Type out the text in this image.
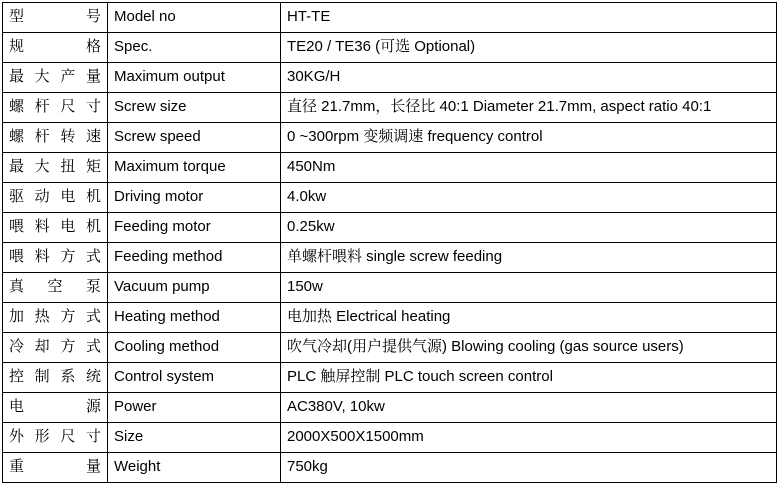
型 号	Model no	HT-TE
规 格	Spec.	TE20 / TE36 (可选 Optional)
最大产量	Maximum output	30KG/H
螺杆尺寸	Screw size	直径 21.7mm，长径比 40:1 Diameter 21.7mm, aspect ratio 40:1
螺杆转速	Screw speed	0 ~300rpm 变频调速 frequency control
最大扭矩	Maximum torque	450Nm
驱动电机	Driving motor	4.0kw
喂料电机	Feeding motor	0.25kw
喂料方式	Feeding method	单螺杆喂料 single screw feeding
真 空 泵	Vacuum pump	150w
加热方式	Heating method	电加热 Electrical heating
冷却方式	Cooling method	吹气冷却(用户提供气源) Blowing cooling (gas source users)
控制系统	Control system	PLC 触屏控制 PLC touch screen control
电 源	Power	AC380V, 10kw
外形尺寸	Size	2000X500X1500mm
重 量	Weight	750kg
